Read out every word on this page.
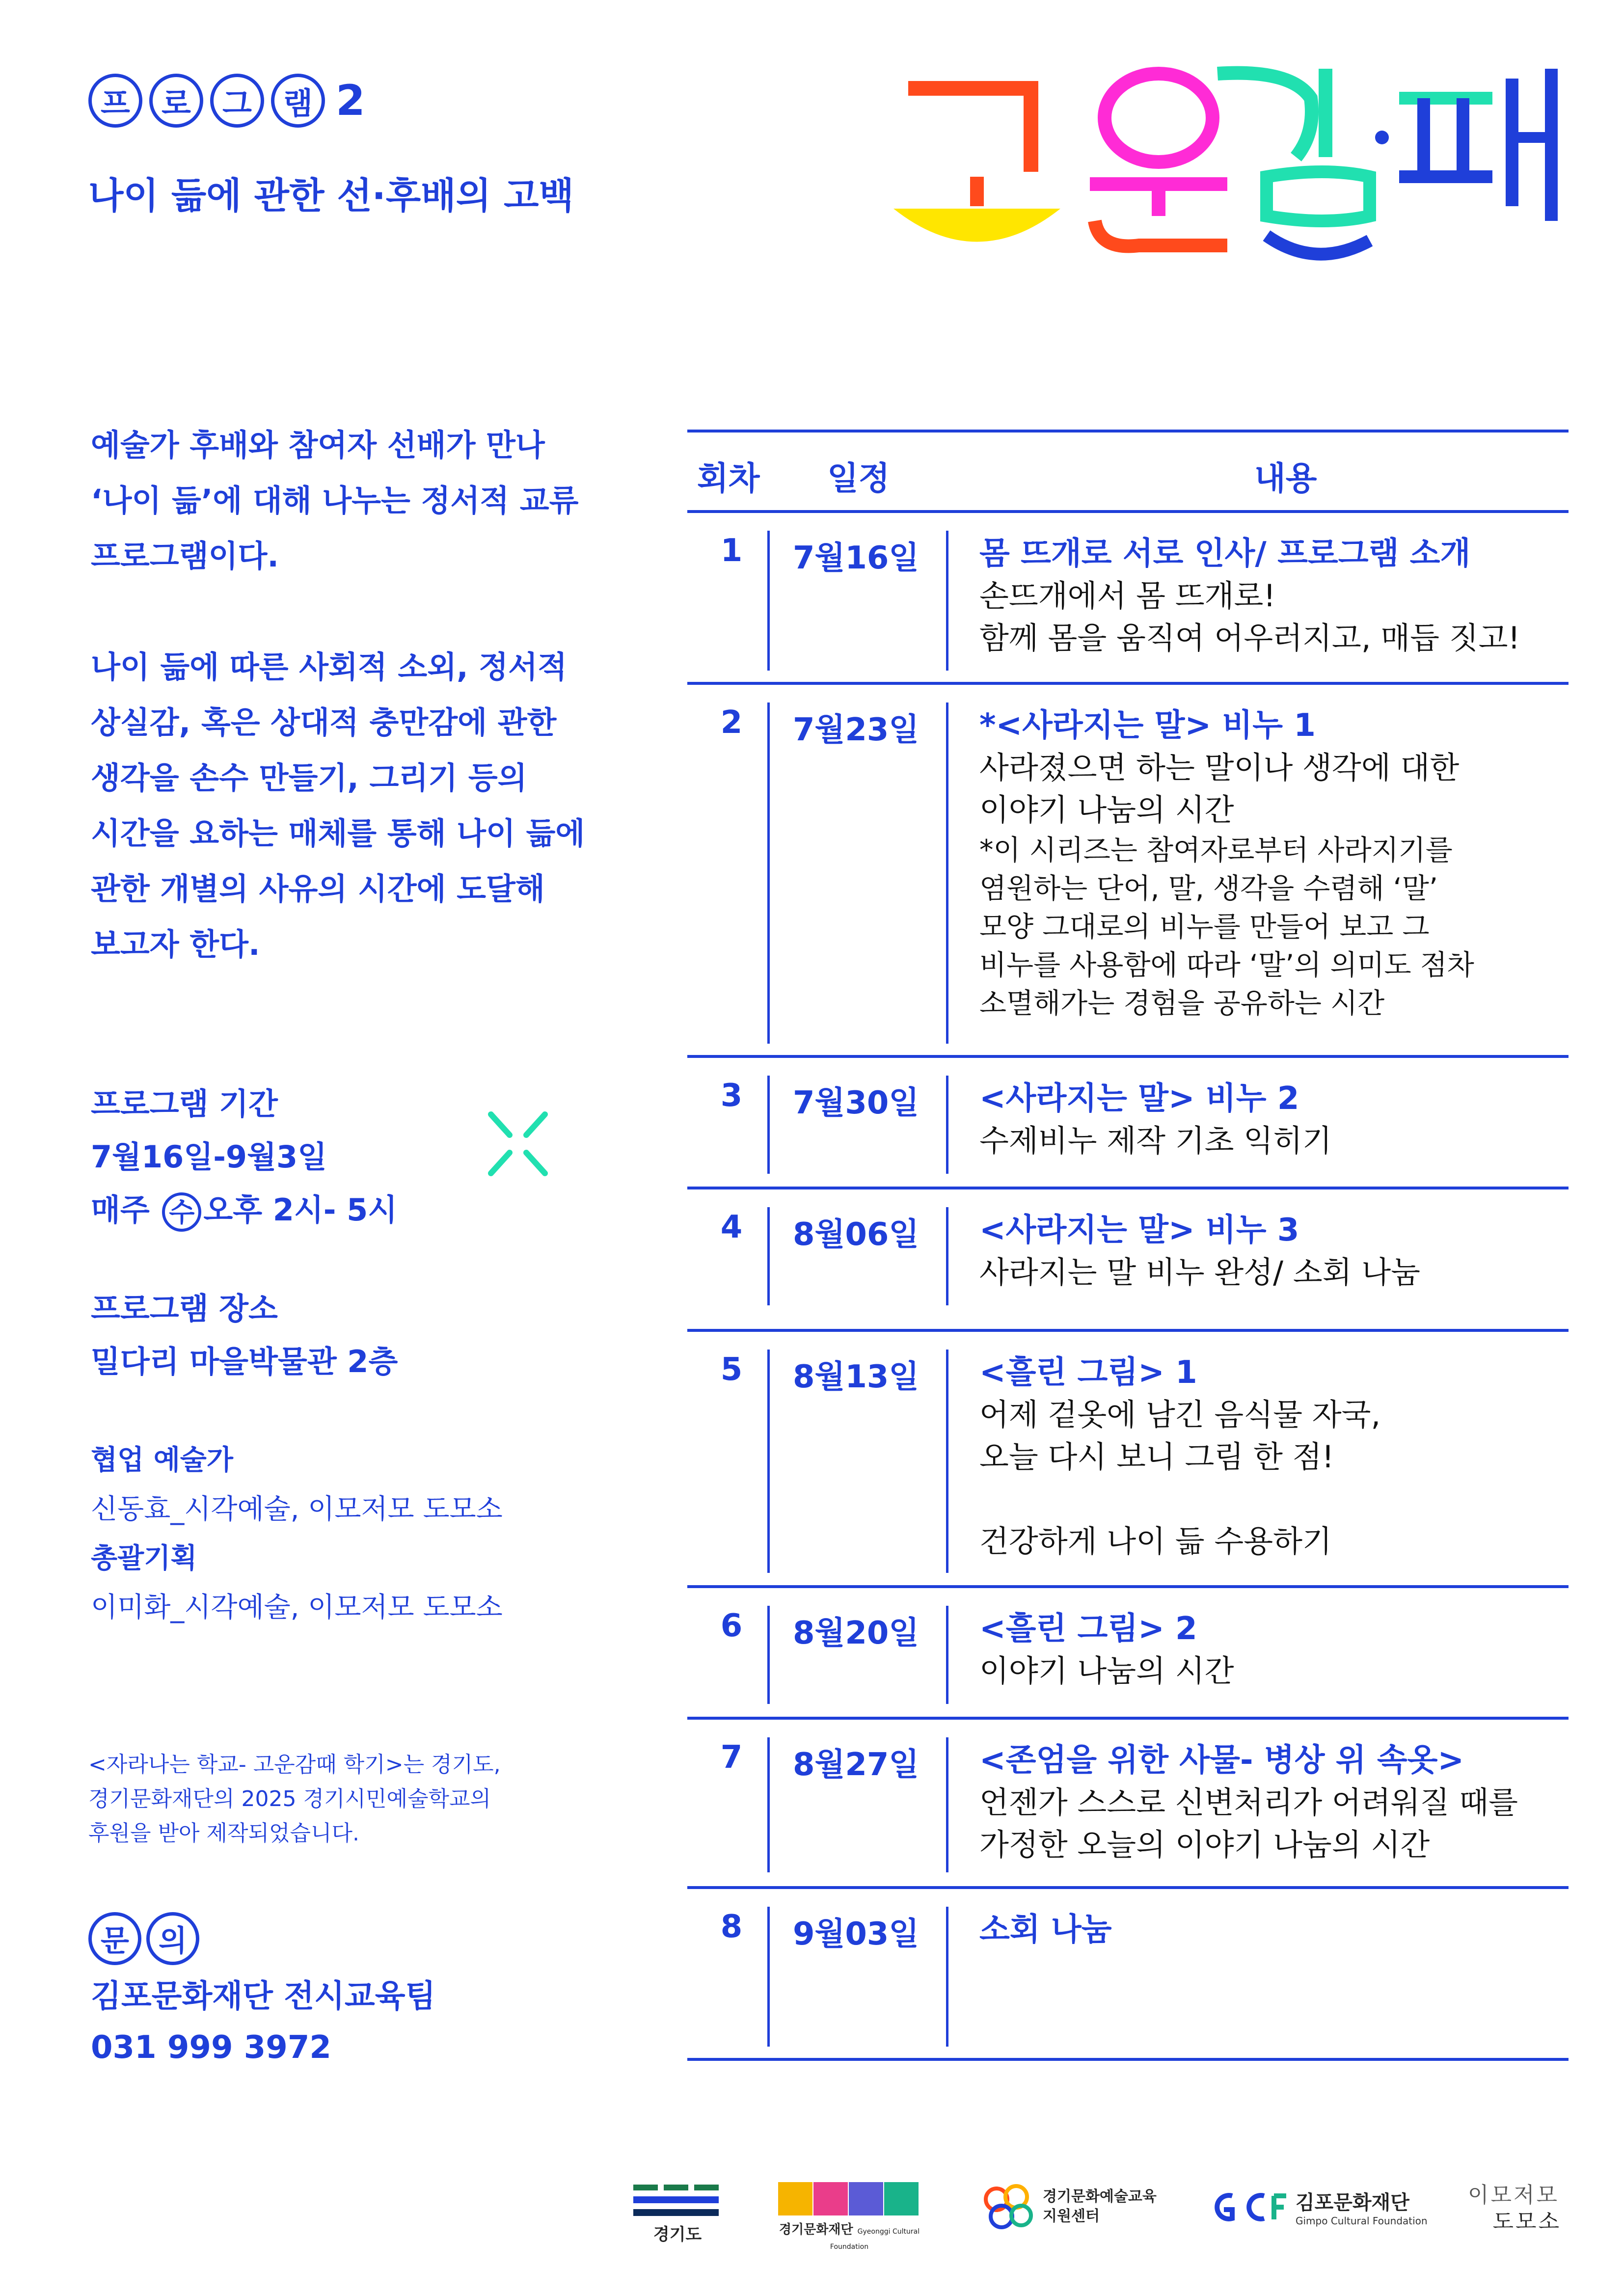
프	로	그	램 2
나이 듦에 관한 선·후배의 고백

예술가 후배와 참여자 선배가 만나
‘나이 듦’에 대해 나누는 정서적 교류
프로그램이다.

나이 듦에 따른 사회적 소외, 정서적
상실감, 혹은 상대적 충만감에 관한
생각을 손수 만들기, 그리기 등의
시간을 요하는 매체를 통해 나이 듦에
관한 개별의 사유의 시간에 도달해
보고자 한다.

프로그램 기간
7월16일-9월3일
매주 수 오후 2시- 5시
프로그램 장소
밀다리 마을박물관 2층
협업 예술가
신동효_시각예술, 이모저모 도모소
총괄기획
이미화_시각예술, 이모저모 도모소
<자라나는 학교- 고운감때 학기>는 경기도,
경기문화재단의 2025 경기시민예술학교의
후원을 받아 제작되었습니다.
문	의
김포문화재단 전시교육팀
031 999 3972
회차 일정	내용
1 7월16일 몸 뜨개로 서로 인사/ 프로그램 소개
손뜨개에서 몸 뜨개로!
함께 몸을 움직여 어우러지고, 매듭 짓고!
2 7월23일 *<사라지는 말> 비누 1
사라졌으면 하는 말이나 생각에 대한
이야기 나눔의 시간
*이 시리즈는 참여자로부터 사라지기를
염원하는 단어, 말, 생각을 수렴해 ‘말’
모양 그대로의 비누를 만들어 보고 그
비누를 사용함에 따라 ‘말’의 의미도 점차
소멸해가는 경험을 공유하는 시간
3 7월30일 <사라지는 말> 비누 2
수제비누 제작 기초 익히기
4 8월06일 <사라지는 말> 비누 3
사라지는 말 비누 완성/ 소회 나눔
5 8월13일 <흘린 그림> 1
어제 겉옷에 남긴 음식물 자국,
오늘 다시 보니 그림 한 점!
건강하게 나이 듦 수용하기
6 8월20일 <흘린 그림> 2
이야기 나눔의 시간
7 8월27일 <존엄을 위한 사물- 병상 위 속옷>
언젠가 스스로 신변처리가 어려워질 때를
가정한 오늘의 이야기 나눔의 시간
8 9월03일 소회 나눔
경기도	경기문화재단 Gyeonggi Cultural Foundation
경기문화예술교육
지원센터
김포문화재단
Gimpo Cultural Foundation
이모저모
도모소
